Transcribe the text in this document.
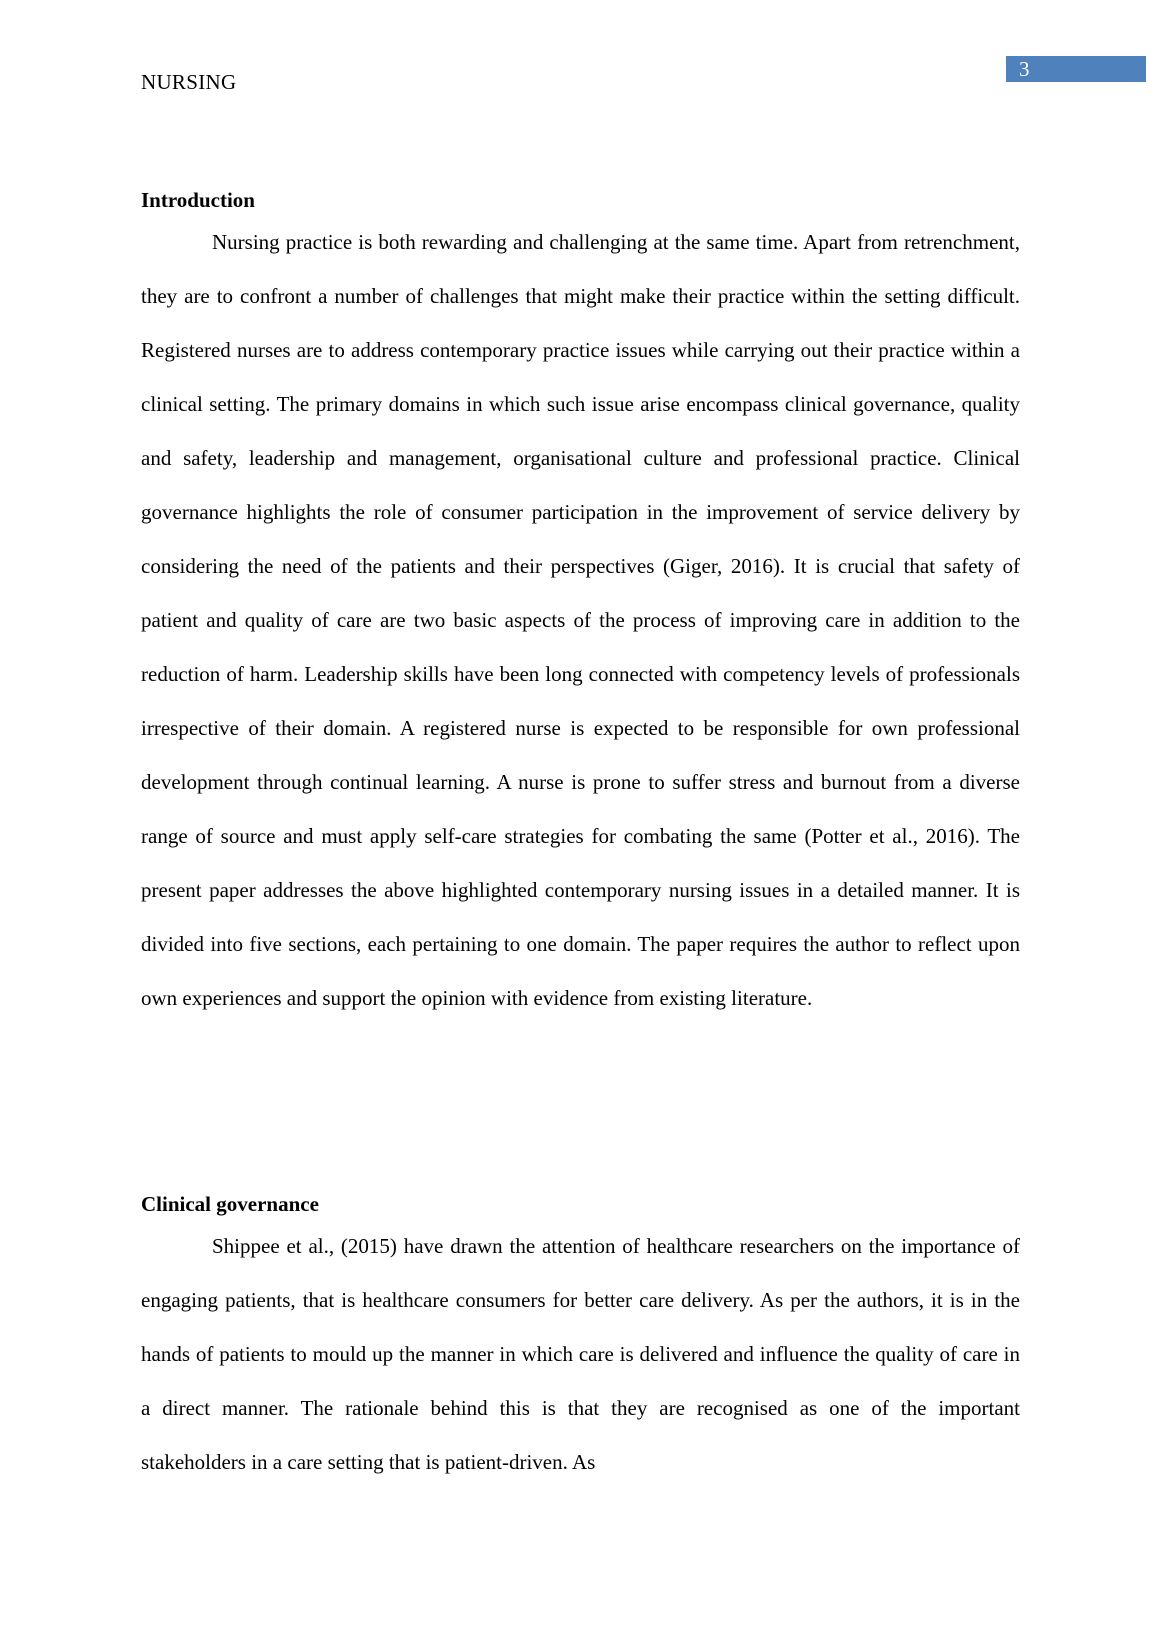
3
NURSING
Introduction

Nursing practice is both rewarding and challenging at the same time. Apart from retrenchment, they are to confront a number of challenges that might make their practice within the setting difficult. Registered nurses are to address contemporary practice issues while carrying out their practice within a clinical setting. The primary domains in which such issue arise encompass clinical governance, quality and safety, leadership and management, organisational culture and professional practice. Clinical governance highlights the role of consumer participation in the improvement of service delivery by considering the need of the patients and their perspectives (Giger, 2016). It is crucial that safety of patient and quality of care are two basic aspects of the process of improving care in addition to the reduction of harm. Leadership skills have been long connected with competency levels of professionals irrespective of their domain. A registered nurse is expected to be responsible for own professional development through continual learning. A nurse is prone to suffer stress and burnout from a diverse range of source and must apply self-care strategies for combating the same (Potter et al., 2016). The present paper addresses the above highlighted contemporary nursing issues in a detailed manner. It is divided into five sections, each pertaining to one domain. The paper requires the author to reflect upon own experiences and support the opinion with evidence from existing literature.

Clinical governance

Shippee et al., (2015) have drawn the attention of healthcare researchers on the importance of engaging patients, that is healthcare consumers for better care delivery. As per the authors, it is in the hands of patients to mould up the manner in which care is delivered and influence the quality of care in a direct manner. The rationale behind this is that they are recognised as one of the important stakeholders in a care setting that is patient-driven. As
